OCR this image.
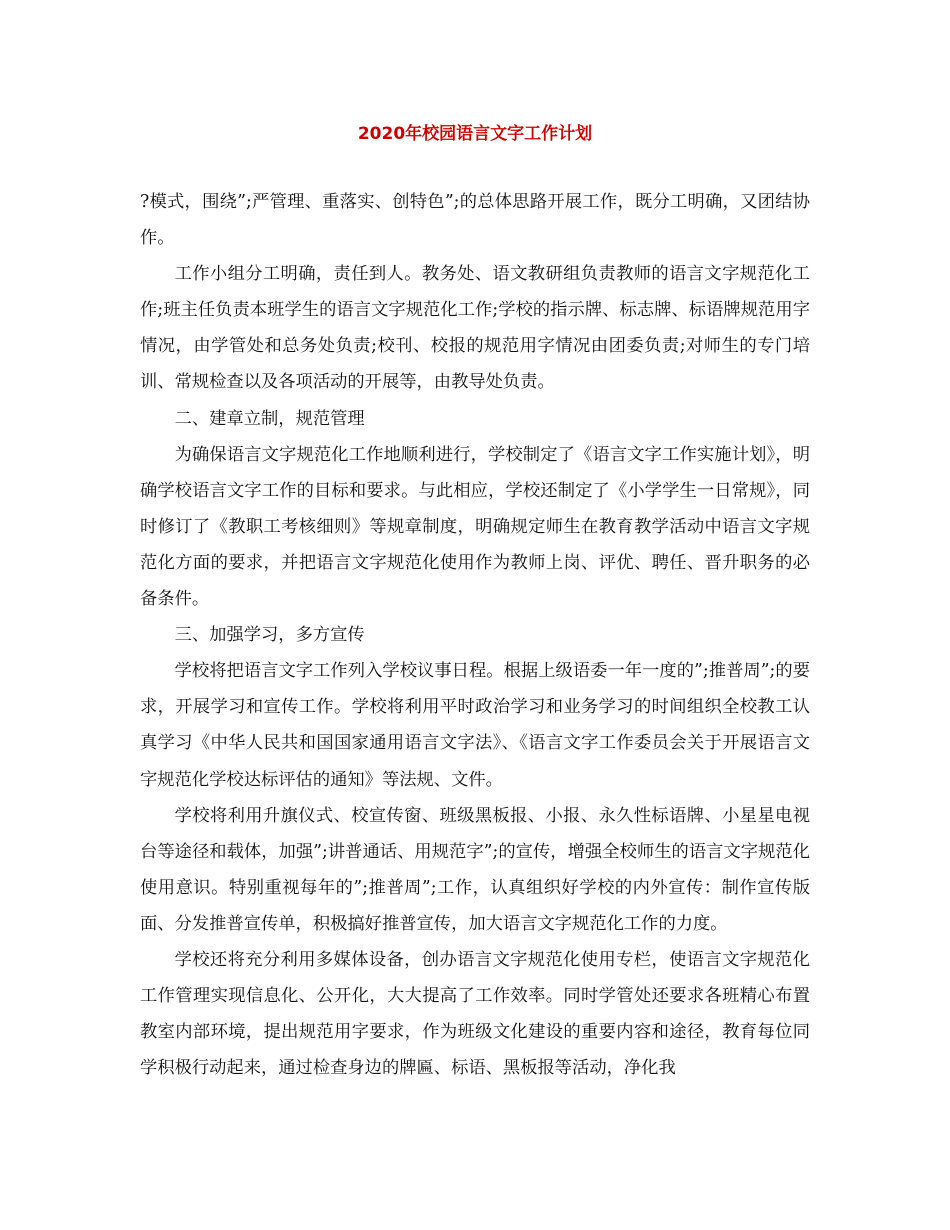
2020年校园语言文字工作计划

?模式，围绕”;严管理、重落实、创特色”;的总体思路开展工作，既分工明确，又团结协作。

工作小组分工明确，责任到人。教务处、语文教研组负责教师的语言文字规范化工作;班主任负责本班学生的语言文字规范化工作;学校的指示牌、标志牌、标语牌规范用字情况，由学管处和总务处负责;校刊、校报的规范用字情况由团委负责;对师生的专门培训、常规检查以及各项活动的开展等，由教导处负责。

二、建章立制，规范管理

为确保语言文字规范化工作地顺利进行，学校制定了《语言文字工作实施计划》，明确学校语言文字工作的目标和要求。与此相应，学校还制定了《小学学生一日常规》，同时修订了《教职工考核细则》等规章制度，明确规定师生在教育教学活动中语言文字规范化方面的要求，并把语言文字规范化使用作为教师上岗、评优、聘任、晋升职务的必备条件。

三、加强学习，多方宣传

学校将把语言文字工作列入学校议事日程。根据上级语委一年一度的”;推普周”;的要求，开展学习和宣传工作。学校将利用平时政治学习和业务学习的时间组织全校教工认真学习《中华人民共和国国家通用语言文字法》、《语言文字工作委员会关于开展语言文字规范化学校达标评估的通知》等法规、文件。

学校将利用升旗仪式、校宣传窗、班级黑板报、小报、永久性标语牌、小星星电视台等途径和载体，加强”;讲普通话、用规范字”;的宣传，增强全校师生的语言文字规范化使用意识。特别重视每年的”;推普周”;工作，认真组织好学校的内外宣传：制作宣传版面、分发推普宣传单，积极搞好推普宣传，加大语言文字规范化工作的力度。

学校还将充分利用多媒体设备，创办语言文字规范化使用专栏，使语言文字规范化工作管理实现信息化、公开化，大大提高了工作效率。同时学管处还要求各班精心布置教室内部环境，提出规范用字要求，作为班级文化建设的重要内容和途径，教育每位同学积极行动起来，通过检查身边的牌匾、标语、黑板报等活动，净化我
